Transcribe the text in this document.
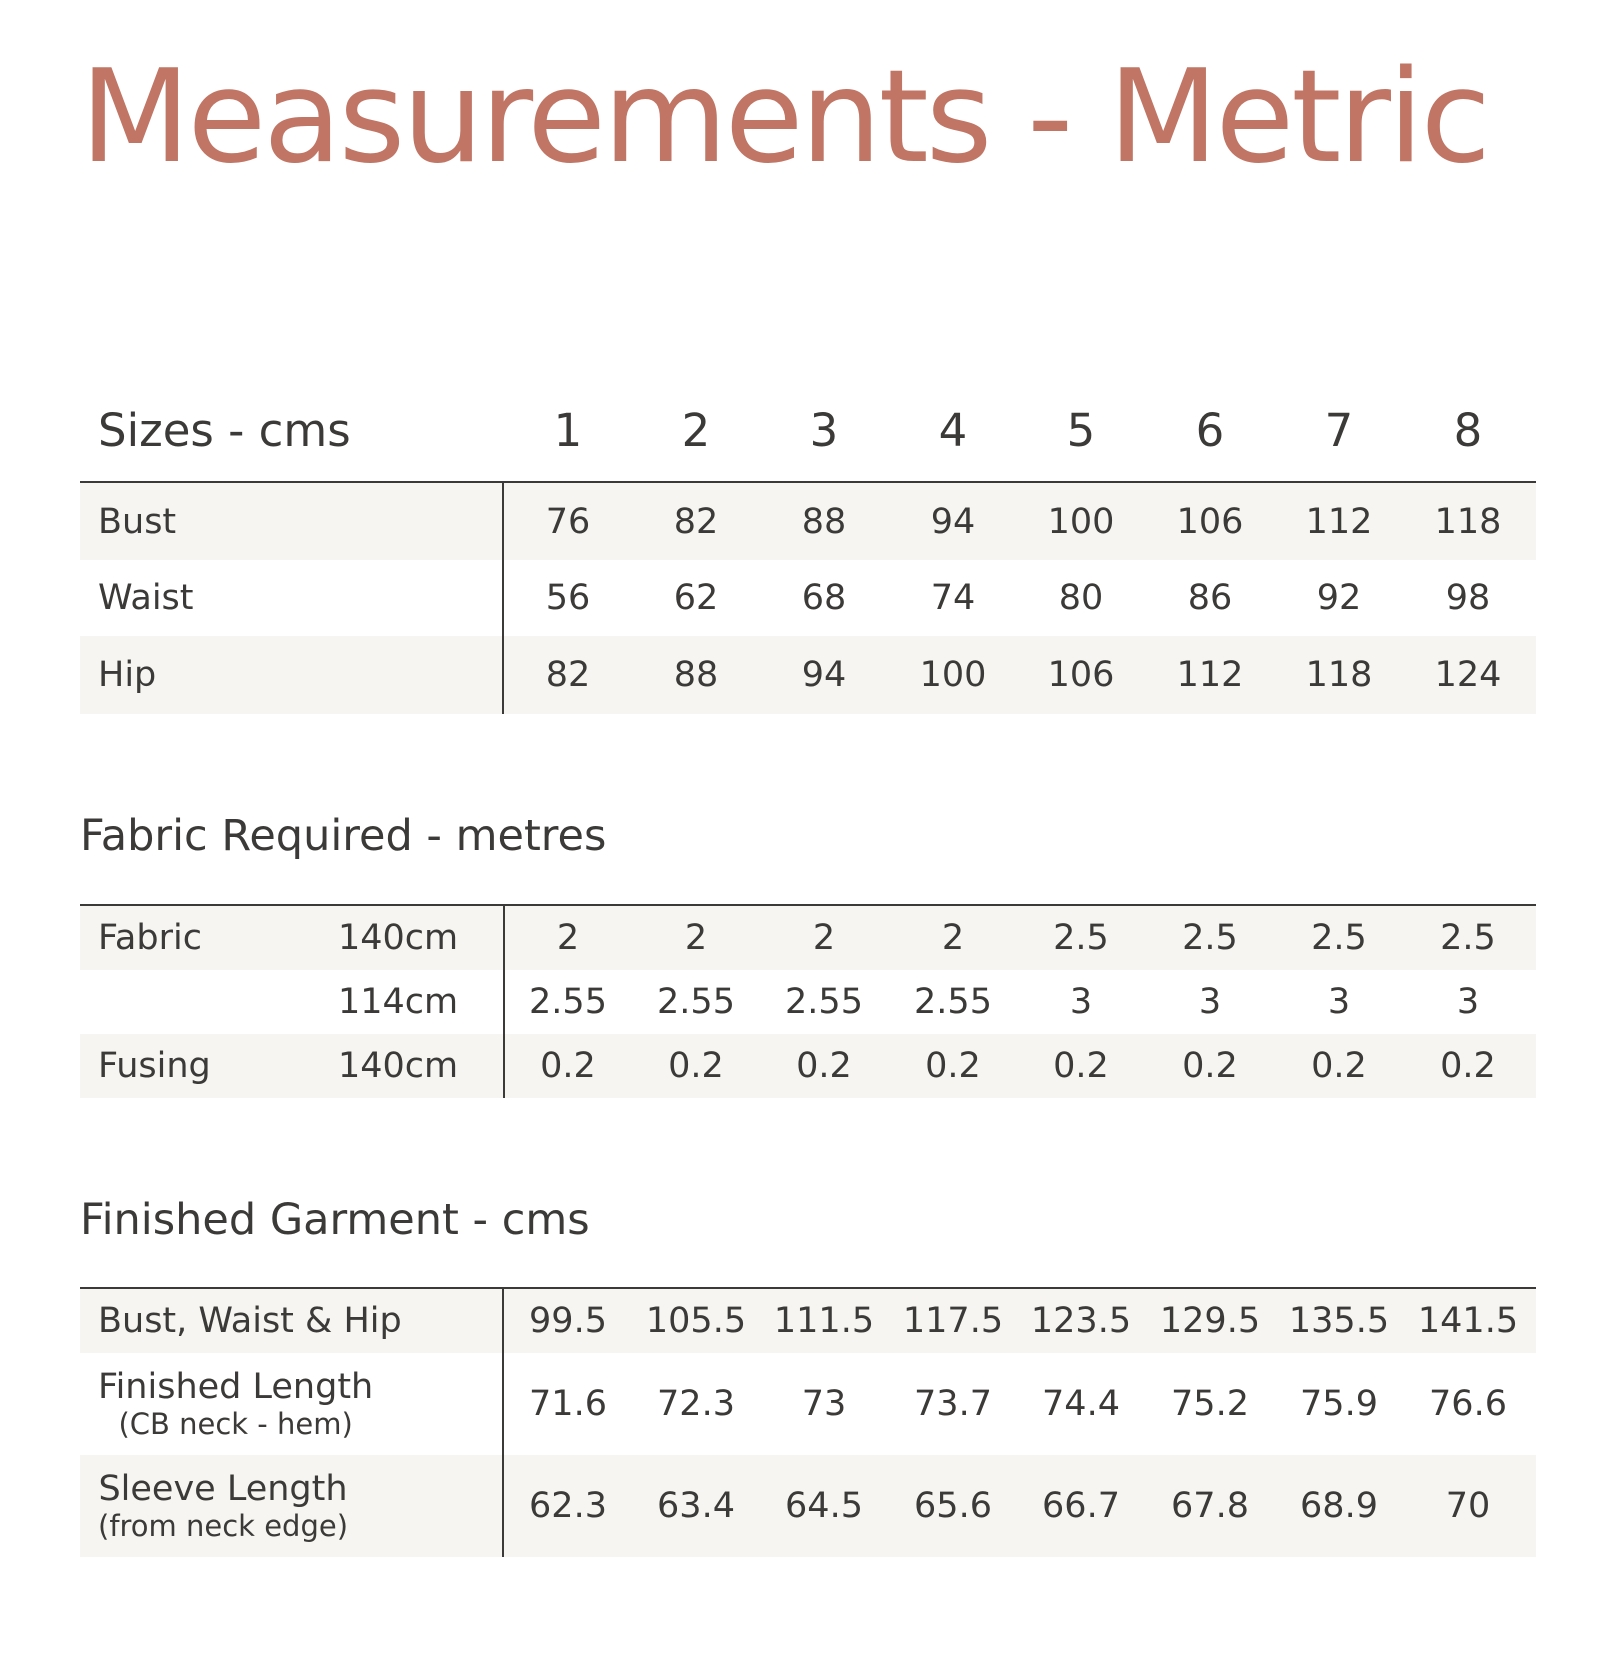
Measurements - Metric
Sizes - cms	1	2	3	4	5	6	7	8
Bust	76	82	88	94	100	106	112	118
Waist	56	62	68	74	80	86	92	98
Hip	82	88	94	100	106	112	118	124
Fabric Required - metres
Fabric	140cm	2	2	2	2	2.5	2.5	2.5	2.5
114cm	2.55	2.55	2.55	2.55	3	3	3	3
Fusing	140cm	0.2	0.2	0.2	0.2	0.2	0.2	0.2	0.2
Finished Garment - cms
Bust, Waist & Hip	99.5	105.5 111.5 117.5 123.5 129.5 135.5 141.5
Finished Length
(CB neck - hem)	71.6	72.3	73	73.7	74.4	75.2	75.9	76.6
Sleeve Length
(from neck edge)	62.3	63.4	64.5	65.6	66.7	67.8	68.9	70
